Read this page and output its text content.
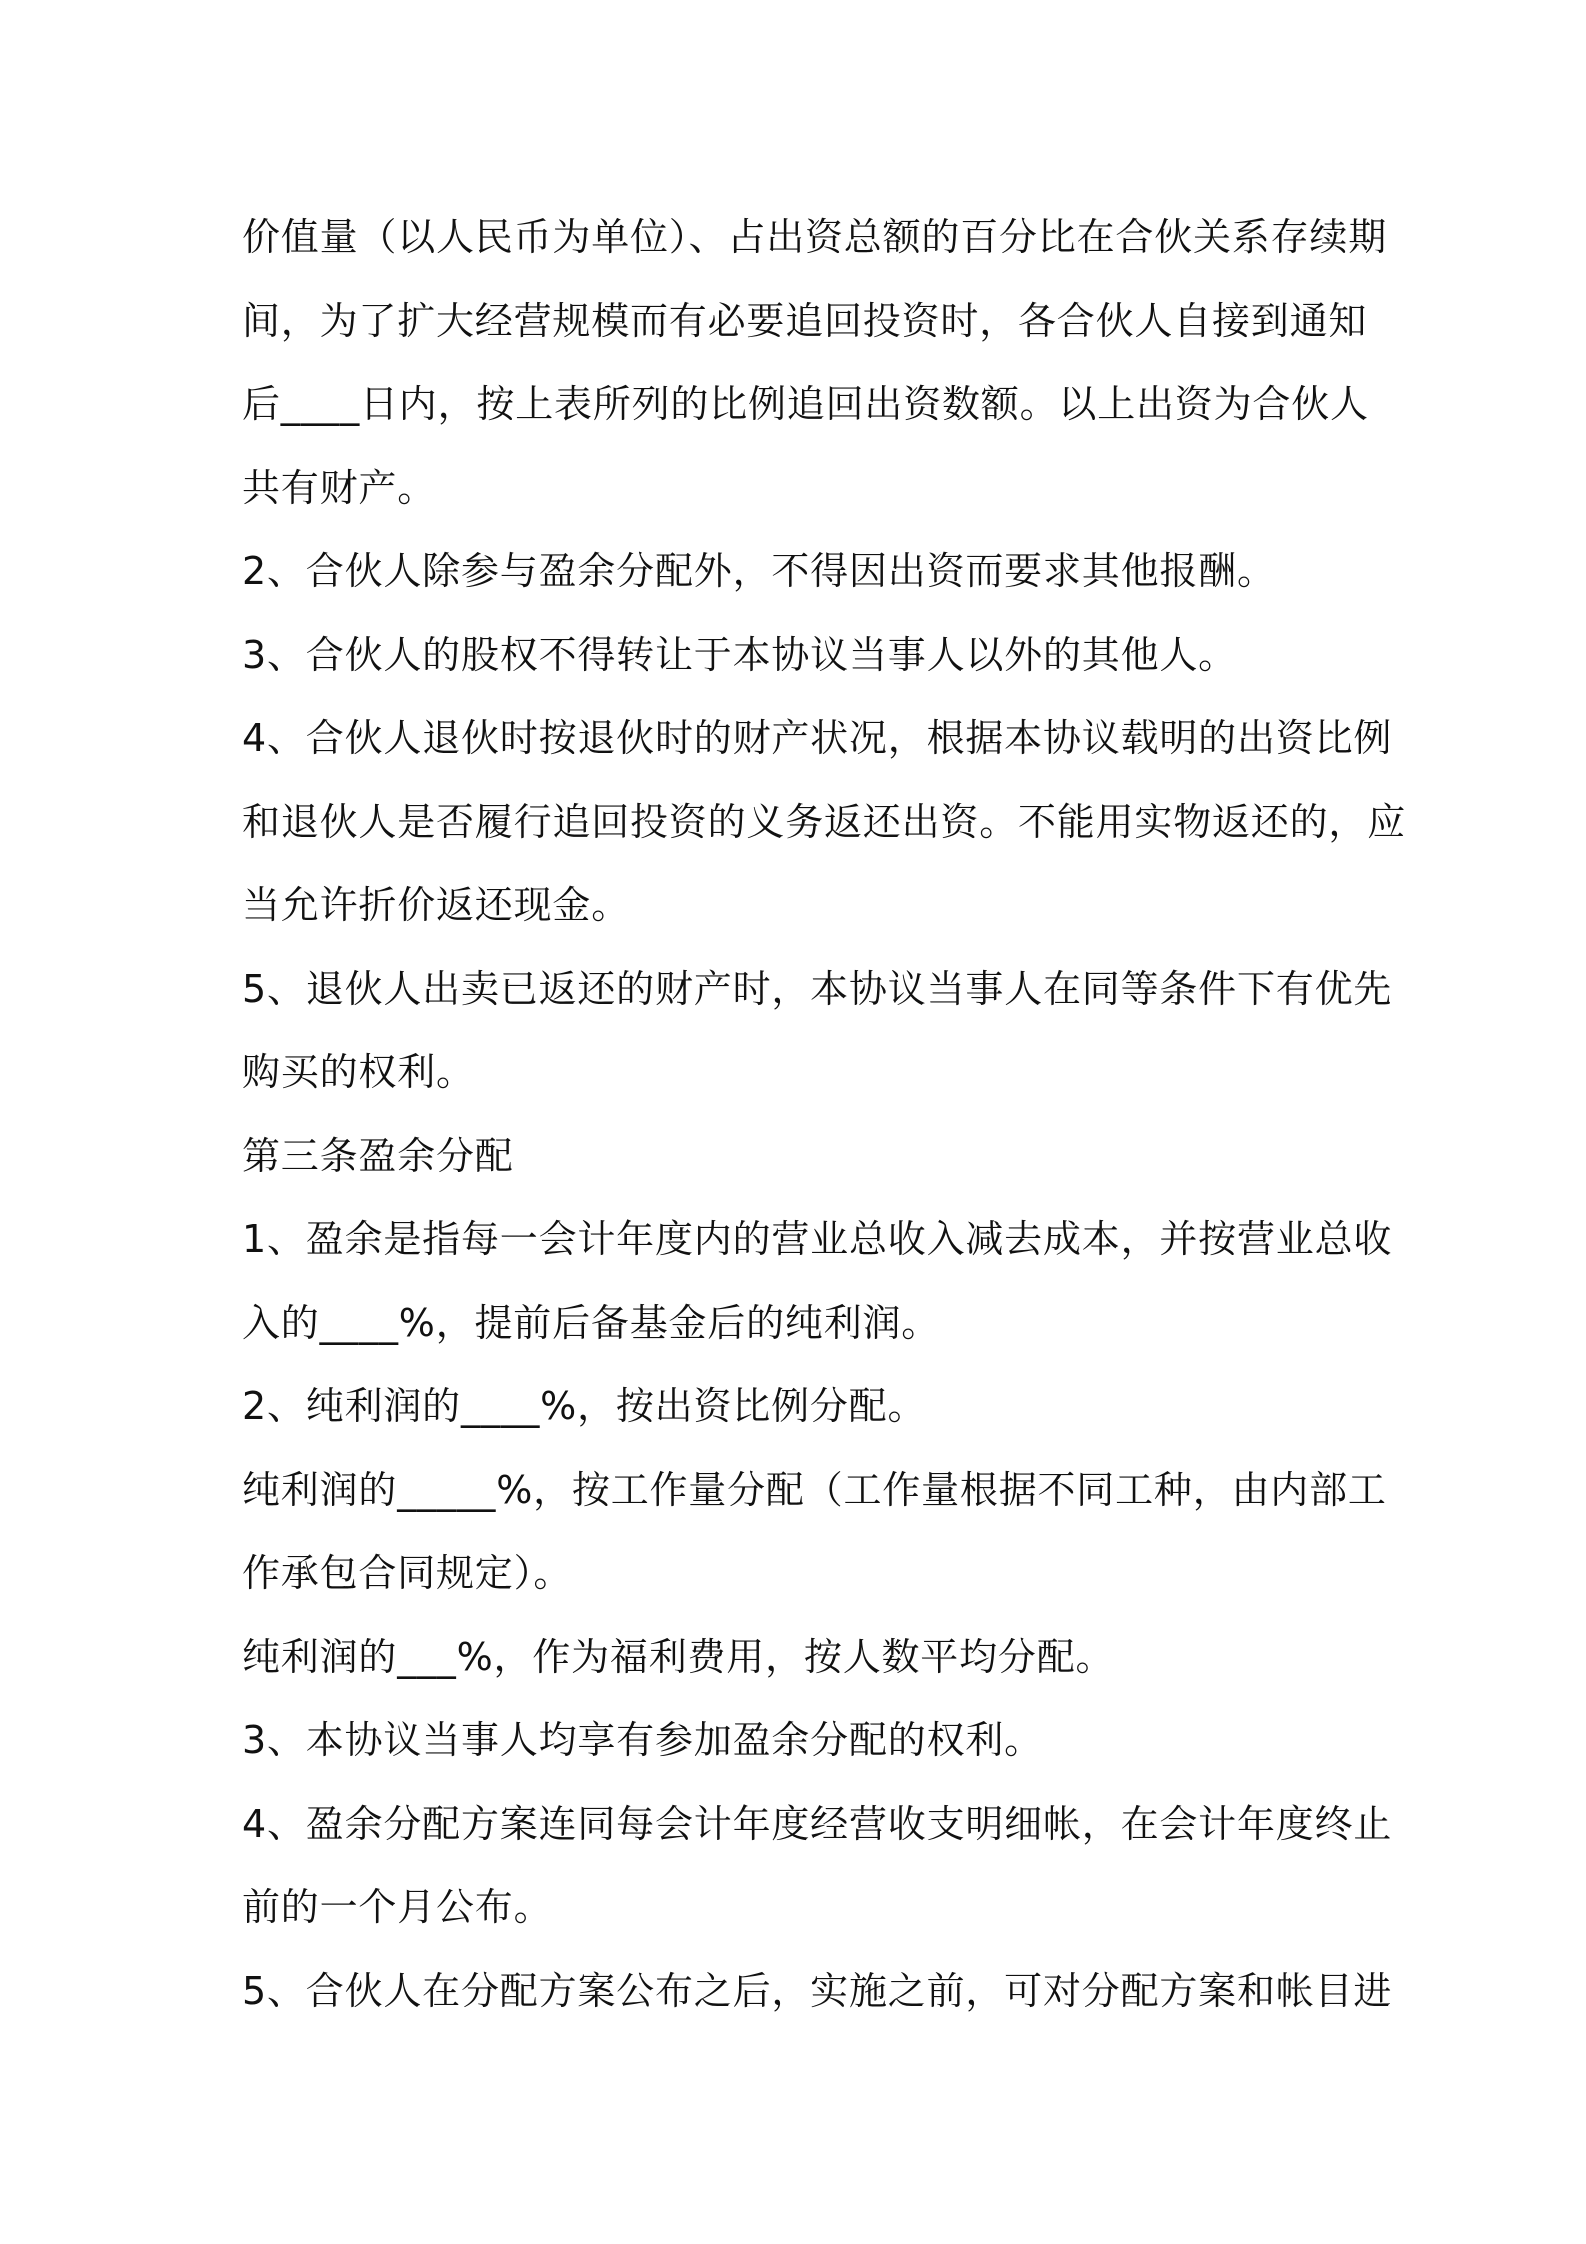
价值量（以人民币为单位）、占出资总额的百分比在合伙关系存续期
间，为了扩大经营规模而有必要追回投资时，各合伙人自接到通知
后____日内，按上表所列的比例追回出资数额。以上出资为合伙人
共有财产。
2、合伙人除参与盈余分配外，不得因出资而要求其他报酬。
3、合伙人的股权不得转让于本协议当事人以外的其他人。
4、合伙人退伙时按退伙时的财产状况，根据本协议载明的出资比例
和退伙人是否履行追回投资的义务返还出资。不能用实物返还的，应
当允许折价返还现金。
5、退伙人出卖已返还的财产时，本协议当事人在同等条件下有优先
购买的权利。
第三条盈余分配
1、盈余是指每一会计年度内的营业总收入减去成本，并按营业总收
入的____%，提前后备基金后的纯利润。
2、纯利润的____%，按出资比例分配。
纯利润的_____%，按工作量分配（工作量根据不同工种，由内部工
作承包合同规定）。
纯利润的___%，作为福利费用，按人数平均分配。
3、本协议当事人均享有参加盈余分配的权利。
4、盈余分配方案连同每会计年度经营收支明细帐，在会计年度终止
前的一个月公布。
5、合伙人在分配方案公布之后，实施之前，可对分配方案和帐目进
